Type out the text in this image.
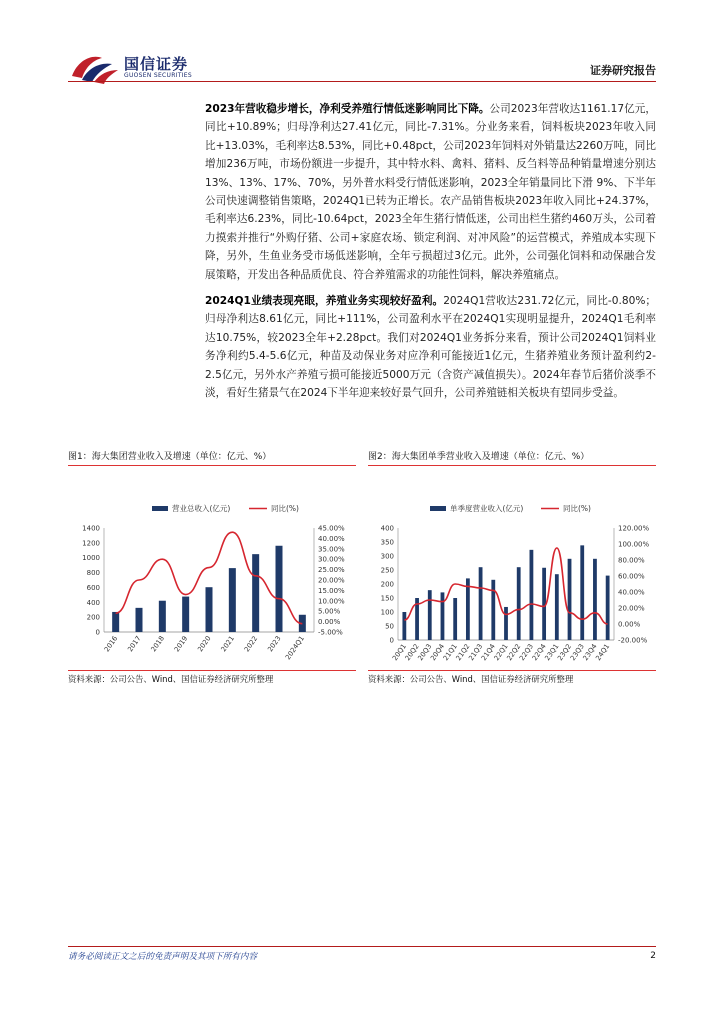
国信证券
GUOSEN SECURITIES	证券研究报告

2023年营收稳步增长，净利受养殖行情低迷影响同比下降。公司2023年营收达1161.17亿元，同比+10.89%；归母净利达27.41亿元，同比-7.31%。分业务来看，饲料板块2023年收入同比+13.03%，毛利率达8.53%，同比+0.48pct，公司2023年饲料对外销量达2260万吨，同比增加236万吨，市场份额进一步提升，其中特水料、禽料、猪料、反刍料等品种销量增速分别达13%、13%、17%、70%，另外普水料受行情低迷影响，2023全年销量同比下滑 9%、下半年公司快速调整销售策略，2024Q1已转为正增长。农产品销售板块2023年收入同比+24.37%，毛利率达6.23%，同比-10.64pct，2023全年生猪行情低迷，公司出栏生猪约460万头，公司着力摸索并推行“外购仔猪、公司+家庭农场、锁定利润、对冲风险”的运营模式，养殖成本实现下降，另外，生鱼业务受市场低迷影响，全年亏损超过3亿元。此外，公司强化饲料和动保融合发展策略，开发出各种品质优良、符合养殖需求的功能性饲料，解决养殖痛点。

2024Q1业绩表现亮眼，养殖业务实现较好盈利。2024Q1营收达231.72亿元，同比-0.80%；归母净利达8.61亿元，同比+111%，公司盈利水平在2024Q1实现明显提升，2024Q1毛利率达10.75%，较2023全年+2.28pct。我们对2024Q1业务拆分来看，预计公司2024Q1饲料业务净利约5.4-5.6亿元，种苗及动保业务对应净利可能接近1亿元，生猪养殖业务预计盈利约2-2.5亿元，另外水产养殖亏损可能接近5000万元（含资产减值损失）。2024年春节后猪价淡季不淡，看好生猪景气在2024下半年迎来较好景气回升，公司养殖链相关板块有望同步受益。

图1：海大集团营业收入及增速（单位：亿元、%）
营业总收入(亿元)	同比(%)
0
200
400
600
800
1000
1200
1400
-5.00%
0.00%
5.00%
10.00%
15.00%
20.00%
25.00%
30.00%
35.00%
40.00%
45.00%
2016 2017 2018 2019 2020 2021 2022 2023 2024Q1
资料来源：公司公告、Wind、国信证券经济研究所整理
图2：海大集团单季营业收入及增速（单位：亿元、%）
单季度营业收入(亿元)	同比(%)
0
50
100
150
200
250
300
350
400
-20.00%
0.00%
20.00%
40.00%
60.00%
80.00%
100.00%
120.00%
20Q1
20Q2
20Q3
20Q4
21Q1
21Q2
21Q3
21Q4
22Q1
22Q2
22Q3
22Q4
23Q1
23Q2
23Q3
23Q4
24Q1
资料来源：公司公告、Wind、国信证券经济研究所整理
请务必阅读正文之后的免责声明及其项下所有内容	2
